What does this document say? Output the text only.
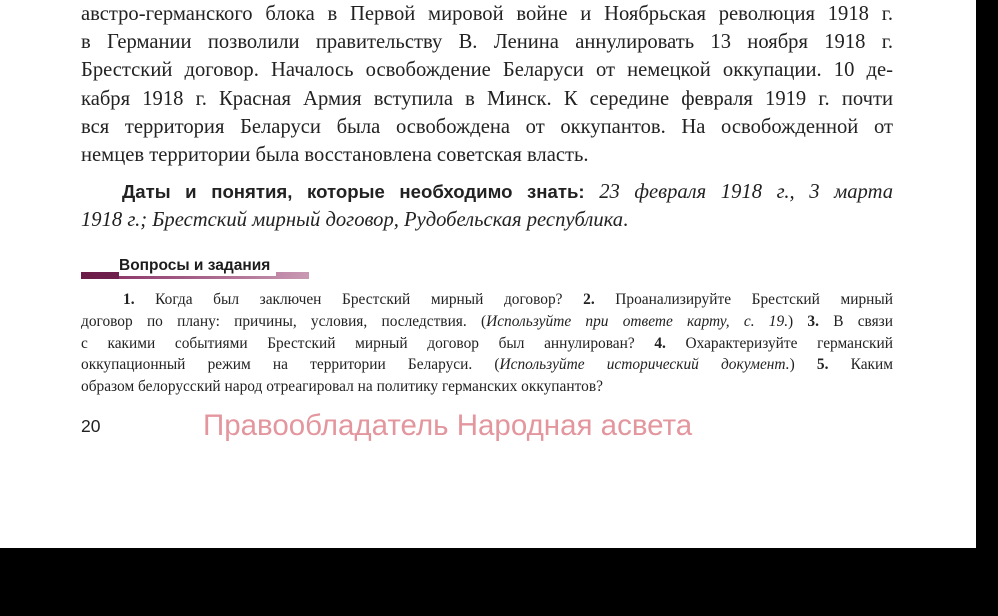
австро-германского блока в Первой мировой войне и Ноябрьская революция 1918 г.
в Германии позволили правительству В. Ленина аннулировать 13 ноября 1918 г.
Брестский договор. Началось освобождение Беларуси от немецкой оккупации. 10 де-
кабря 1918 г. Красная Армия вступила в Минск. К середине февраля 1919 г. почти
вся территория Беларуси была освобождена от оккупантов. На освобожденной от
немцев территории была восстановлена советская власть.
Даты и понятия, которые необходимо знать: 23 февраля 1918 г., 3 марта
1918 г.; Брестский мирный договор, Рудобельская республика.
Вопросы и задания
1. Когда был заключен Брестский мирный договор? 2. Проанализируйте Брестский мирный
договор по плану: причины, условия, последствия. (Используйте при ответе карту, с. 19.) 3. В связи
с какими событиями Брестский мирный договор был аннулирован? 4. Охарактеризуйте германский
оккупационный режим на территории Беларуси. (Используйте исторический документ.) 5. Каким
образом белорусский народ отреагировал на политику германских оккупантов?
20	Правообладатель Народная асвета
